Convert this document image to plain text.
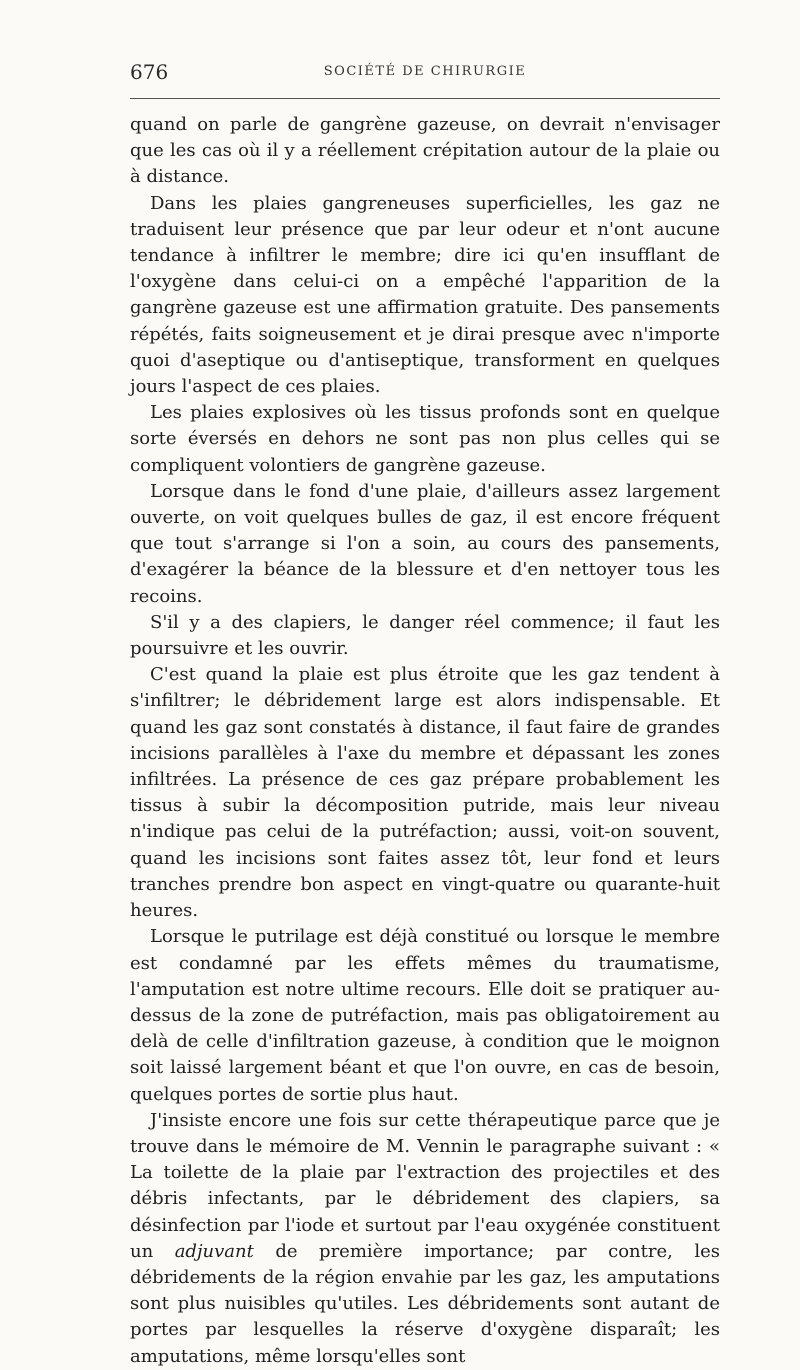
676	SOCIÉTÉ DE CHIRURGIE

quand on parle de gangrène gazeuse, on devrait n'envisager que les cas où il y a réellement crépitation autour de la plaie ou à distance.

Dans les plaies gangreneuses superficielles, les gaz ne traduisent leur présence que par leur odeur et n'ont aucune tendance à infiltrer le membre; dire ici qu'en insufflant de l'oxygène dans celui-ci on a empêché l'apparition de la gangrène gazeuse est une affirmation gratuite. Des pansements répétés, faits soigneusement et je dirai presque avec n'importe quoi d'aseptique ou d'antiseptique, transforment en quelques jours l'aspect de ces plaies.

Les plaies explosives où les tissus profonds sont en quelque sorte éversés en dehors ne sont pas non plus celles qui se compliquent volontiers de gangrène gazeuse.

Lorsque dans le fond d'une plaie, d'ailleurs assez largement ouverte, on voit quelques bulles de gaz, il est encore fréquent que tout s'arrange si l'on a soin, au cours des pansements, d'exagérer la béance de la blessure et d'en nettoyer tous les recoins.

S'il y a des clapiers, le danger réel commence; il faut les poursuivre et les ouvrir.

C'est quand la plaie est plus étroite que les gaz tendent à s'infiltrer; le débridement large est alors indispensable. Et quand les gaz sont constatés à distance, il faut faire de grandes incisions parallèles à l'axe du membre et dépassant les zones infiltrées. La présence de ces gaz prépare probablement les tissus à subir la décomposition putride, mais leur niveau n'indique pas celui de la putréfaction; aussi, voit-on souvent, quand les incisions sont faites assez tôt, leur fond et leurs tranches prendre bon aspect en vingt-quatre ou quarante-huit heures.

Lorsque le putrilage est déjà constitué ou lorsque le membre est condamné par les effets mêmes du traumatisme, l'amputation est notre ultime recours. Elle doit se pratiquer au-dessus de la zone de putréfaction, mais pas obligatoirement au delà de celle d'infiltration gazeuse, à condition que le moignon soit laissé largement béant et que l'on ouvre, en cas de besoin, quelques portes de sortie plus haut.

J'insiste encore une fois sur cette thérapeutique parce que je trouve dans le mémoire de M. Vennin le paragraphe suivant : « La toilette de la plaie par l'extraction des projectiles et des débris infectants, par le débridement des clapiers, sa désinfection par l'iode et surtout par l'eau oxygénée constituent un adjuvant de première importance; par contre, les débridements de la région envahie par les gaz, les amputations sont plus nuisibles qu'utiles. Les débridements sont autant de portes par lesquelles la réserve d'oxygène disparaît; les amputations, même lorsqu'elles sont
